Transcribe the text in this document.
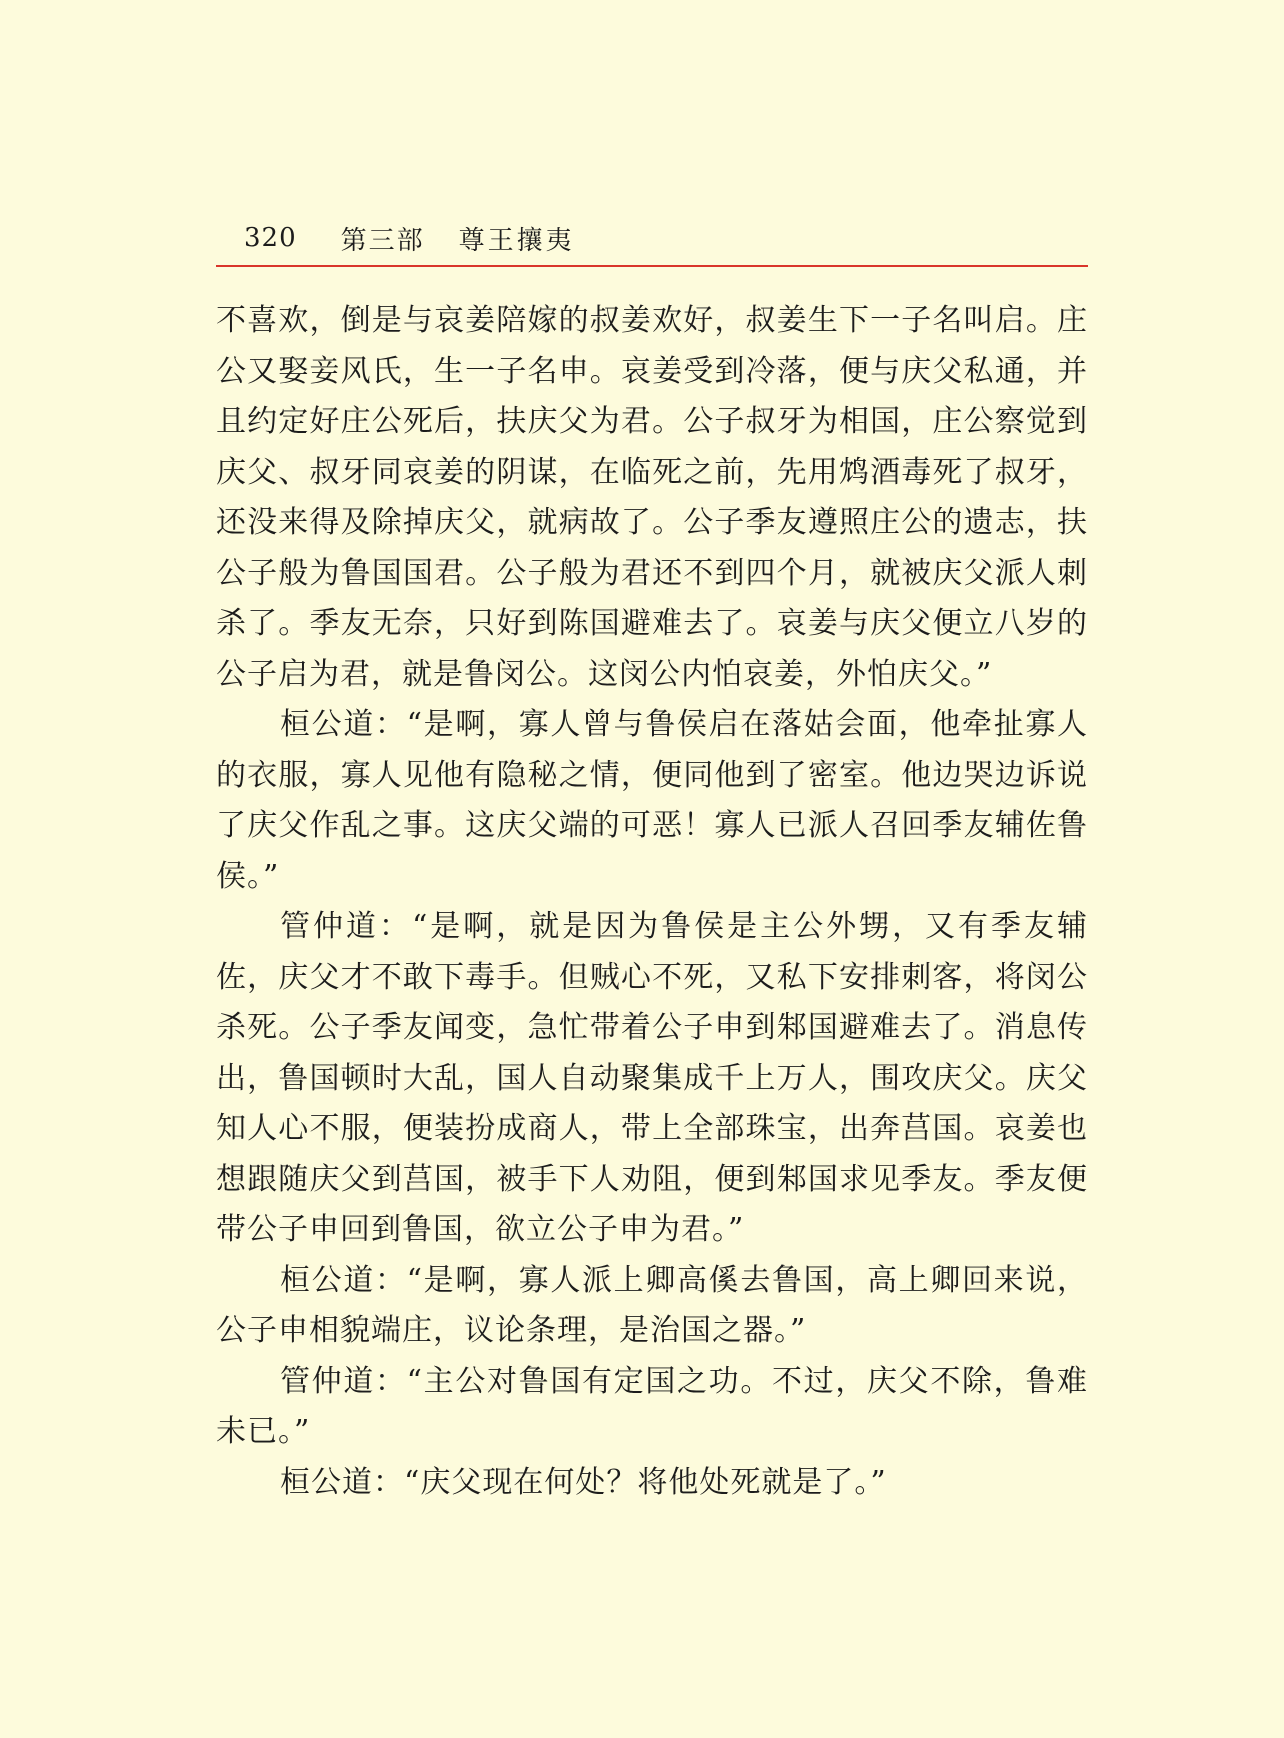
320 第三部 尊王攘夷

不喜欢，倒是与哀姜陪嫁的叔姜欢好，叔姜生下一子名叫启。庄公又娶妾风氏，生一子名申。哀姜受到冷落，便与庆父私通，并且约定好庄公死后，扶庆父为君。公子叔牙为相国，庄公察觉到庆父、叔牙同哀姜的阴谋，在临死之前，先用鸩酒毒死了叔牙，还没来得及除掉庆父，就病故了。公子季友遵照庄公的遗志，扶公子般为鲁国国君。公子般为君还不到四个月，就被庆父派人刺杀了。季友无奈，只好到陈国避难去了。哀姜与庆父便立八岁的公子启为君，就是鲁闵公。这闵公内怕哀姜，外怕庆父。”

桓公道：“是啊，寡人曾与鲁侯启在落姑会面，他牵扯寡人的衣服，寡人见他有隐秘之情，便同他到了密室。他边哭边诉说了庆父作乱之事。这庆父端的可恶！寡人已派人召回季友辅佐鲁侯。”

管仲道：“是啊，就是因为鲁侯是主公外甥，又有季友辅佐，庆父才不敢下毒手。但贼心不死，又私下安排刺客，将闵公杀死。公子季友闻变，急忙带着公子申到邾国避难去了。消息传出，鲁国顿时大乱，国人自动聚集成千上万人，围攻庆父。庆父知人心不服，便装扮成商人，带上全部珠宝，出奔莒国。哀姜也想跟随庆父到莒国，被手下人劝阻，便到邾国求见季友。季友便带公子申回到鲁国，欲立公子申为君。”

桓公道：“是啊，寡人派上卿高傒去鲁国，高上卿回来说，公子申相貌端庄，议论条理，是治国之器。”

管仲道：“主公对鲁国有定国之功。不过，庆父不除，鲁难未已。”

桓公道：“庆父现在何处？将他处死就是了。”
